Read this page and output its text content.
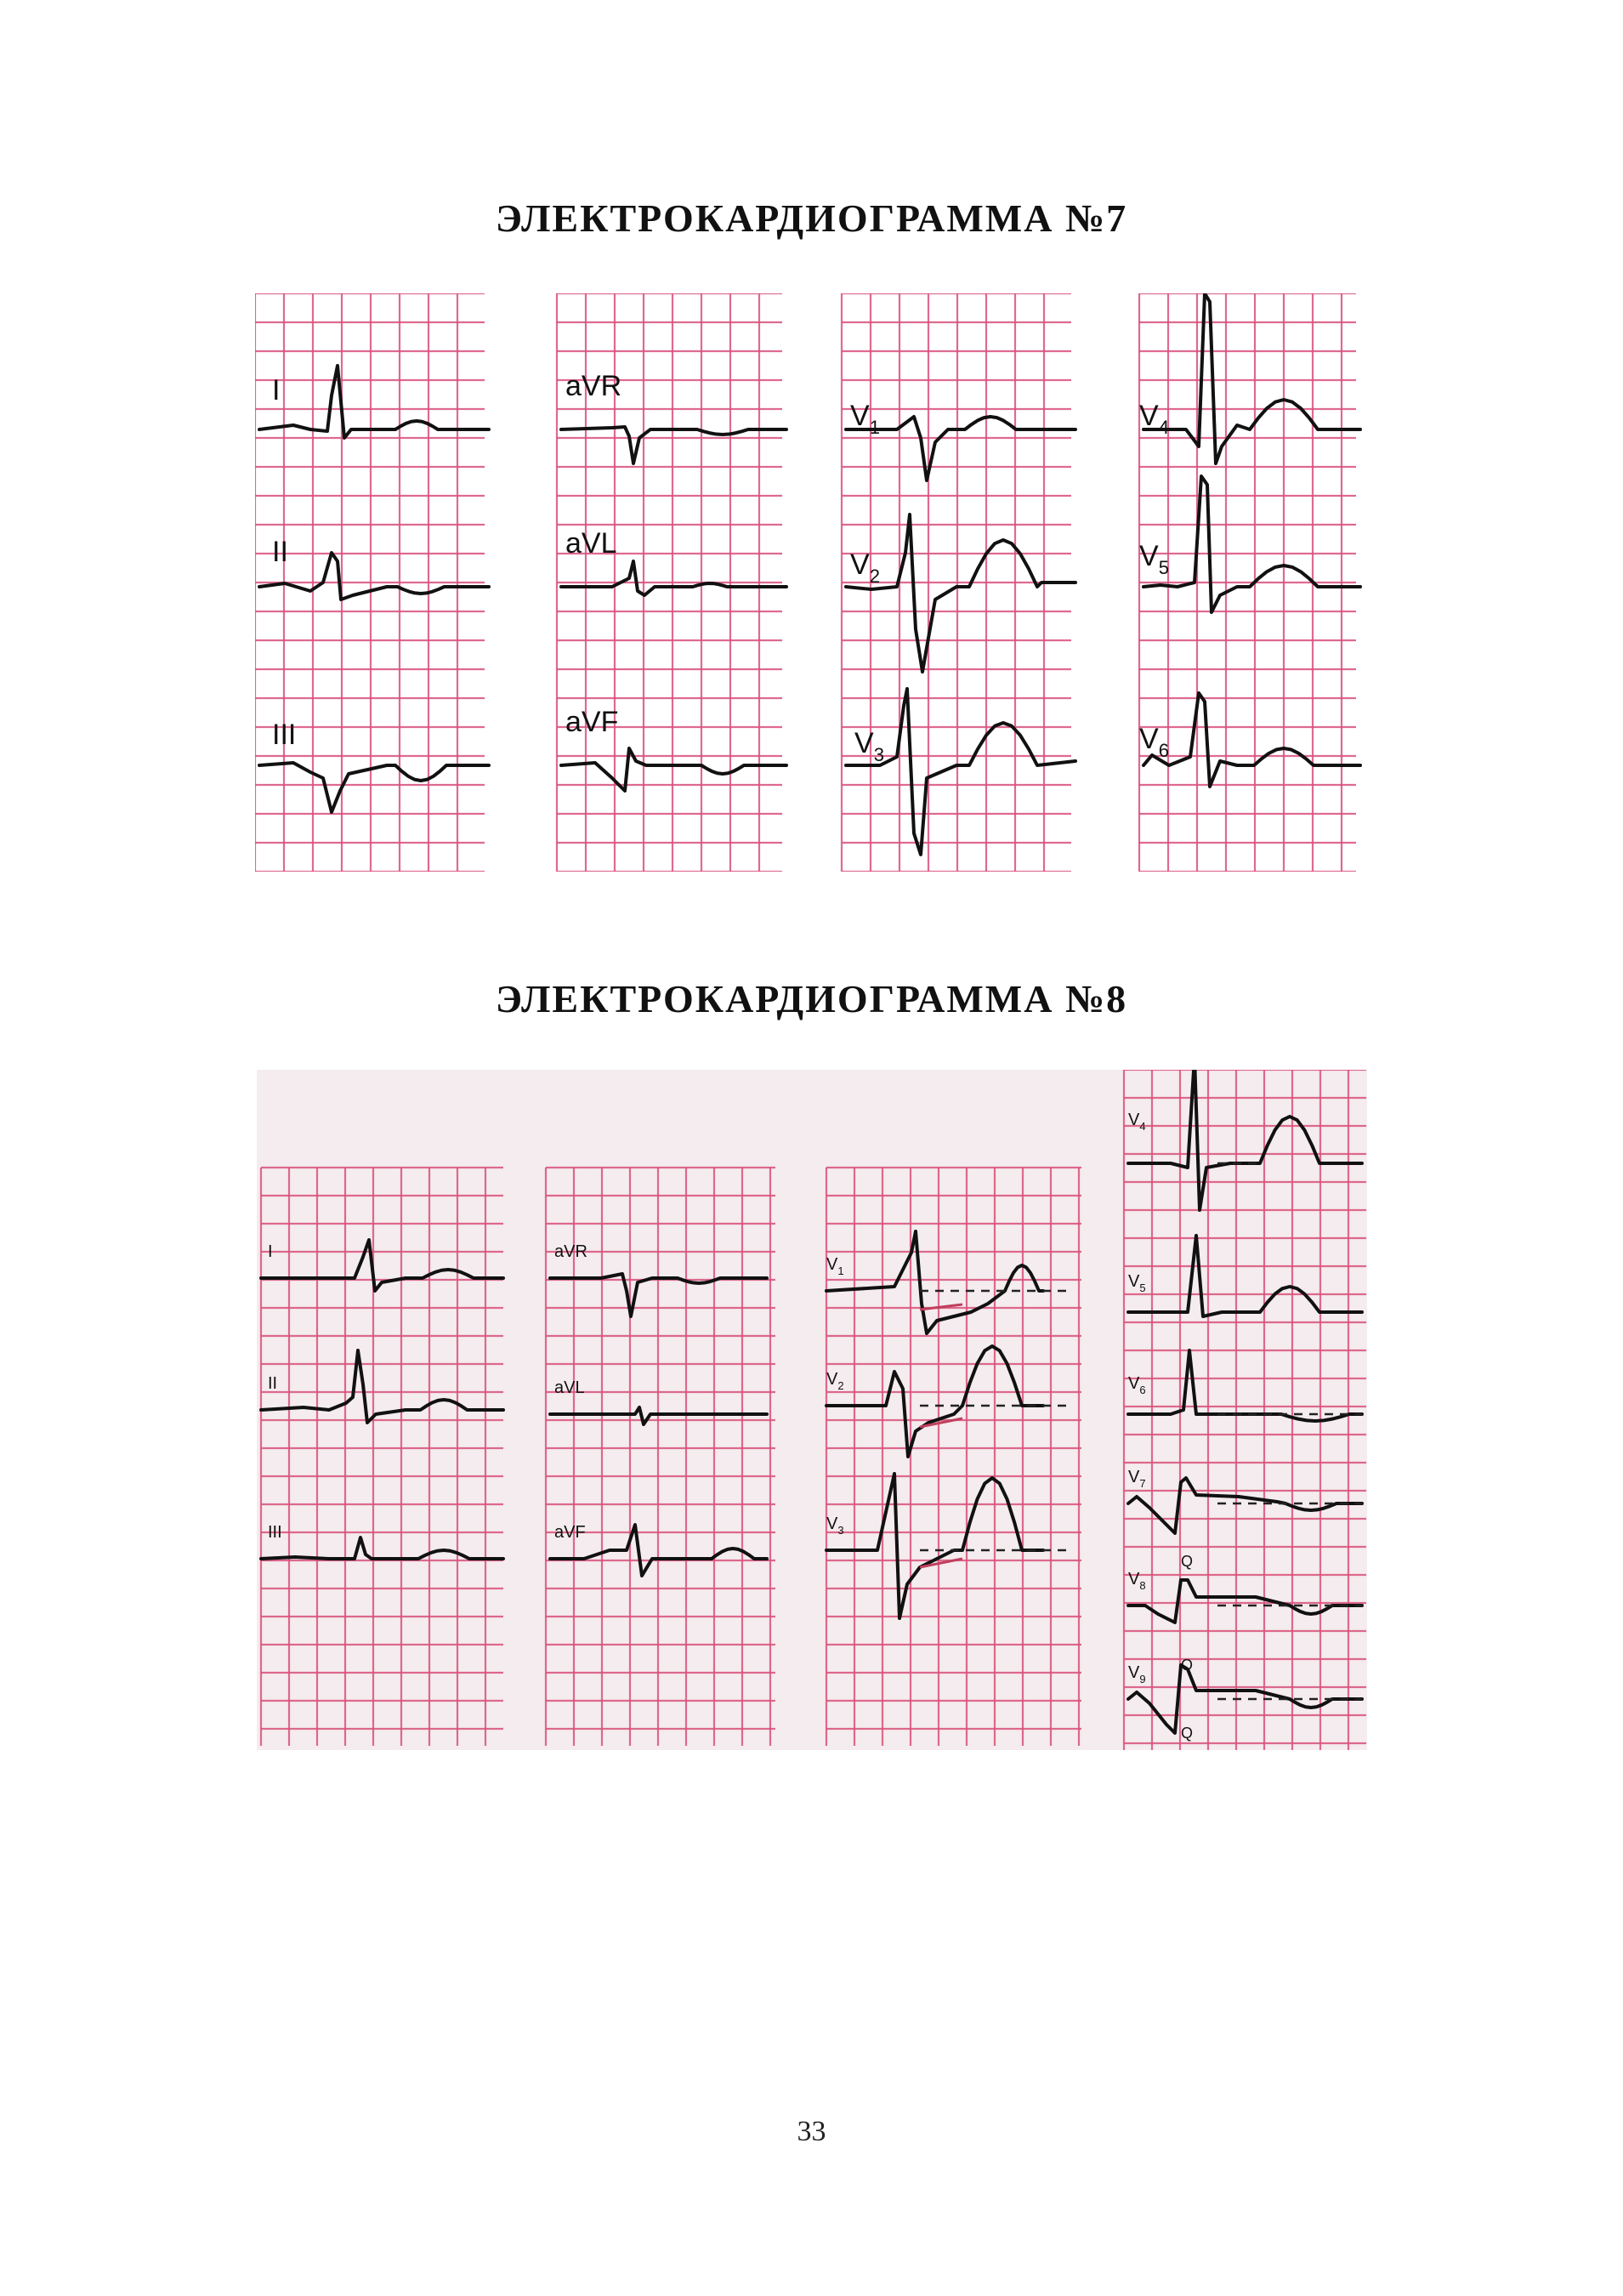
ЭЛЕКТРОКАРДИОГРАММА №7
I
II
III
aVR
aVL
aVF
$V_1$
$V_2$
$V_3$
$V_4$
$V_5$
$V_6$
ЭЛЕКТРОКАРДИОГРАММА №8
I
II
III
aVR
aVL
aVF
$V_1$
$V_2$
$V_3$
$V_4$
$V_5$
$V_6$
$V_7$
$V_8$
$V_9$
Q
Q
Q
33
